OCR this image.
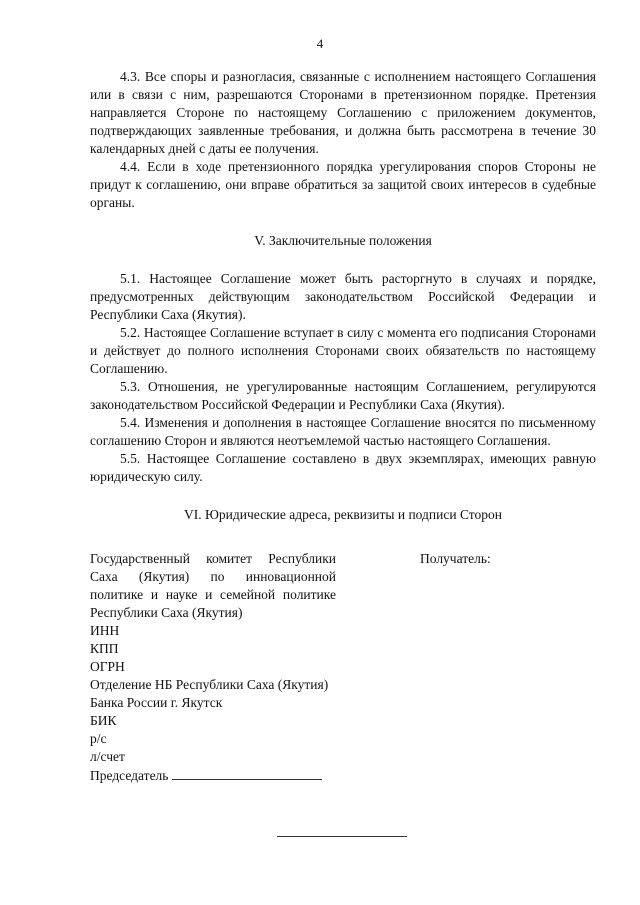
4

4.3. Все споры и разногласия, связанные с исполнением настоящего Соглашения или в связи с ним, разрешаются Сторонами в претензионном порядке. Претензия направляется Стороне по настоящему Соглашению с приложением документов, подтверждающих заявленные требования, и должна быть рассмотрена в течение 30 календарных дней с даты ее получения.

4.4. Если в ходе претензионного порядка урегулирования споров Стороны не придут к соглашению, они вправе обратиться за защитой своих интересов в судебные органы.

V. Заключительные положения

5.1. Настоящее Соглашение может быть расторгнуто в случаях и порядке, предусмотренных действующим законодательством Российской Федерации и Республики Саха (Якутия).

5.2. Настоящее Соглашение вступает в силу с момента его подписания Сторонами и действует до полного исполнения Сторонами своих обязательств по настоящему Соглашению.

5.3. Отношения, не урегулированные настоящим Соглашением, регулируются законодательством Российской Федерации и Республики Саха (Якутия).

5.4. Изменения и дополнения в настоящее Соглашение вносятся по письменному соглашению Сторон и являются неотъемлемой частью настоящего Соглашения.

5.5. Настоящее Соглашение составлено в двух экземплярах, имеющих равную юридическую силу.

VI. Юридические адреса, реквизиты и подписи Сторон

Государственный комитет Республики Саха (Якутия) по инновационной политике и науке и семейной политике Республики Саха (Якутия)
ИНН
КПП
ОГРН
Отделение НБ Республики Саха (Якутия)
Банка России г. Якутск
БИК
р/с
л/счет
Председатель
Получатель:
